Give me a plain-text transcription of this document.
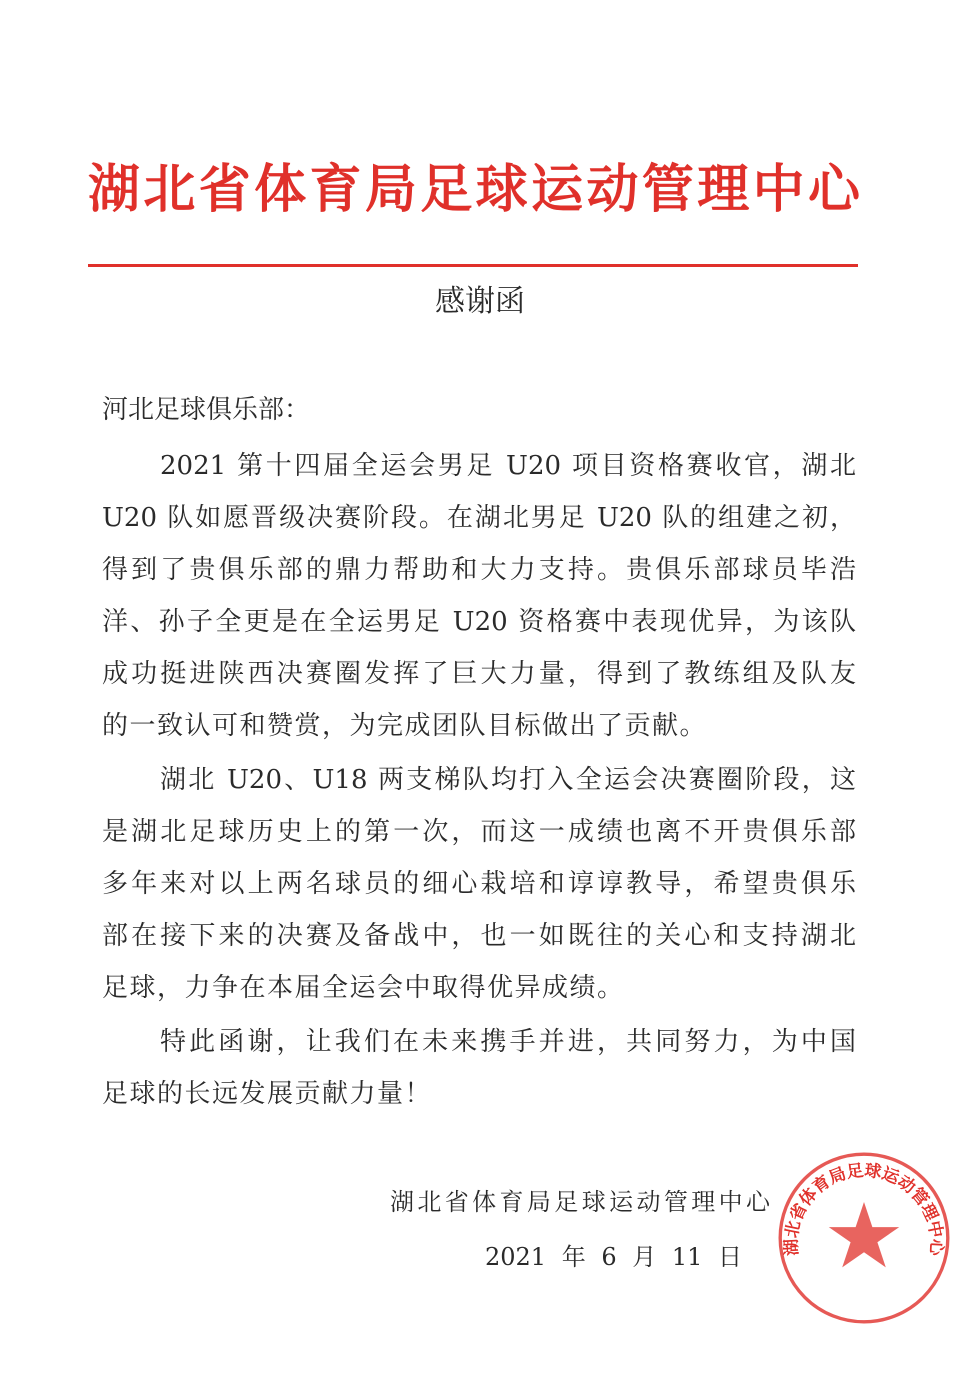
湖北省体育局足球运动管理中心
感谢函
河北足球俱乐部：
2021 第十四届全运会男足 U20 项目资格赛收官，湖北
U20 队如愿晋级决赛阶段。在湖北男足 U20 队的组建之初，
得到了贵俱乐部的鼎力帮助和大力支持。贵俱乐部球员毕浩
洋、孙子全更是在全运男足 U20 资格赛中表现优异，为该队
成功挺进陕西决赛圈发挥了巨大力量，得到了教练组及队友
的一致认可和赞赏，为完成团队目标做出了贡献。
湖北 U20、U18 两支梯队均打入全运会决赛圈阶段，这
是湖北足球历史上的第一次，而这一成绩也离不开贵俱乐部
多年来对以上两名球员的细心栽培和谆谆教导，希望贵俱乐
部在接下来的决赛及备战中，也一如既往的关心和支持湖北
足球，力争在本届全运会中取得优异成绩。
特此函谢，让我们在未来携手并进，共同努力，为中国
足球的长远发展贡献力量！
湖北省体育局足球运动管理中心
2021 年 6 月 11 日 湖北省体育局足球运动管理中心
